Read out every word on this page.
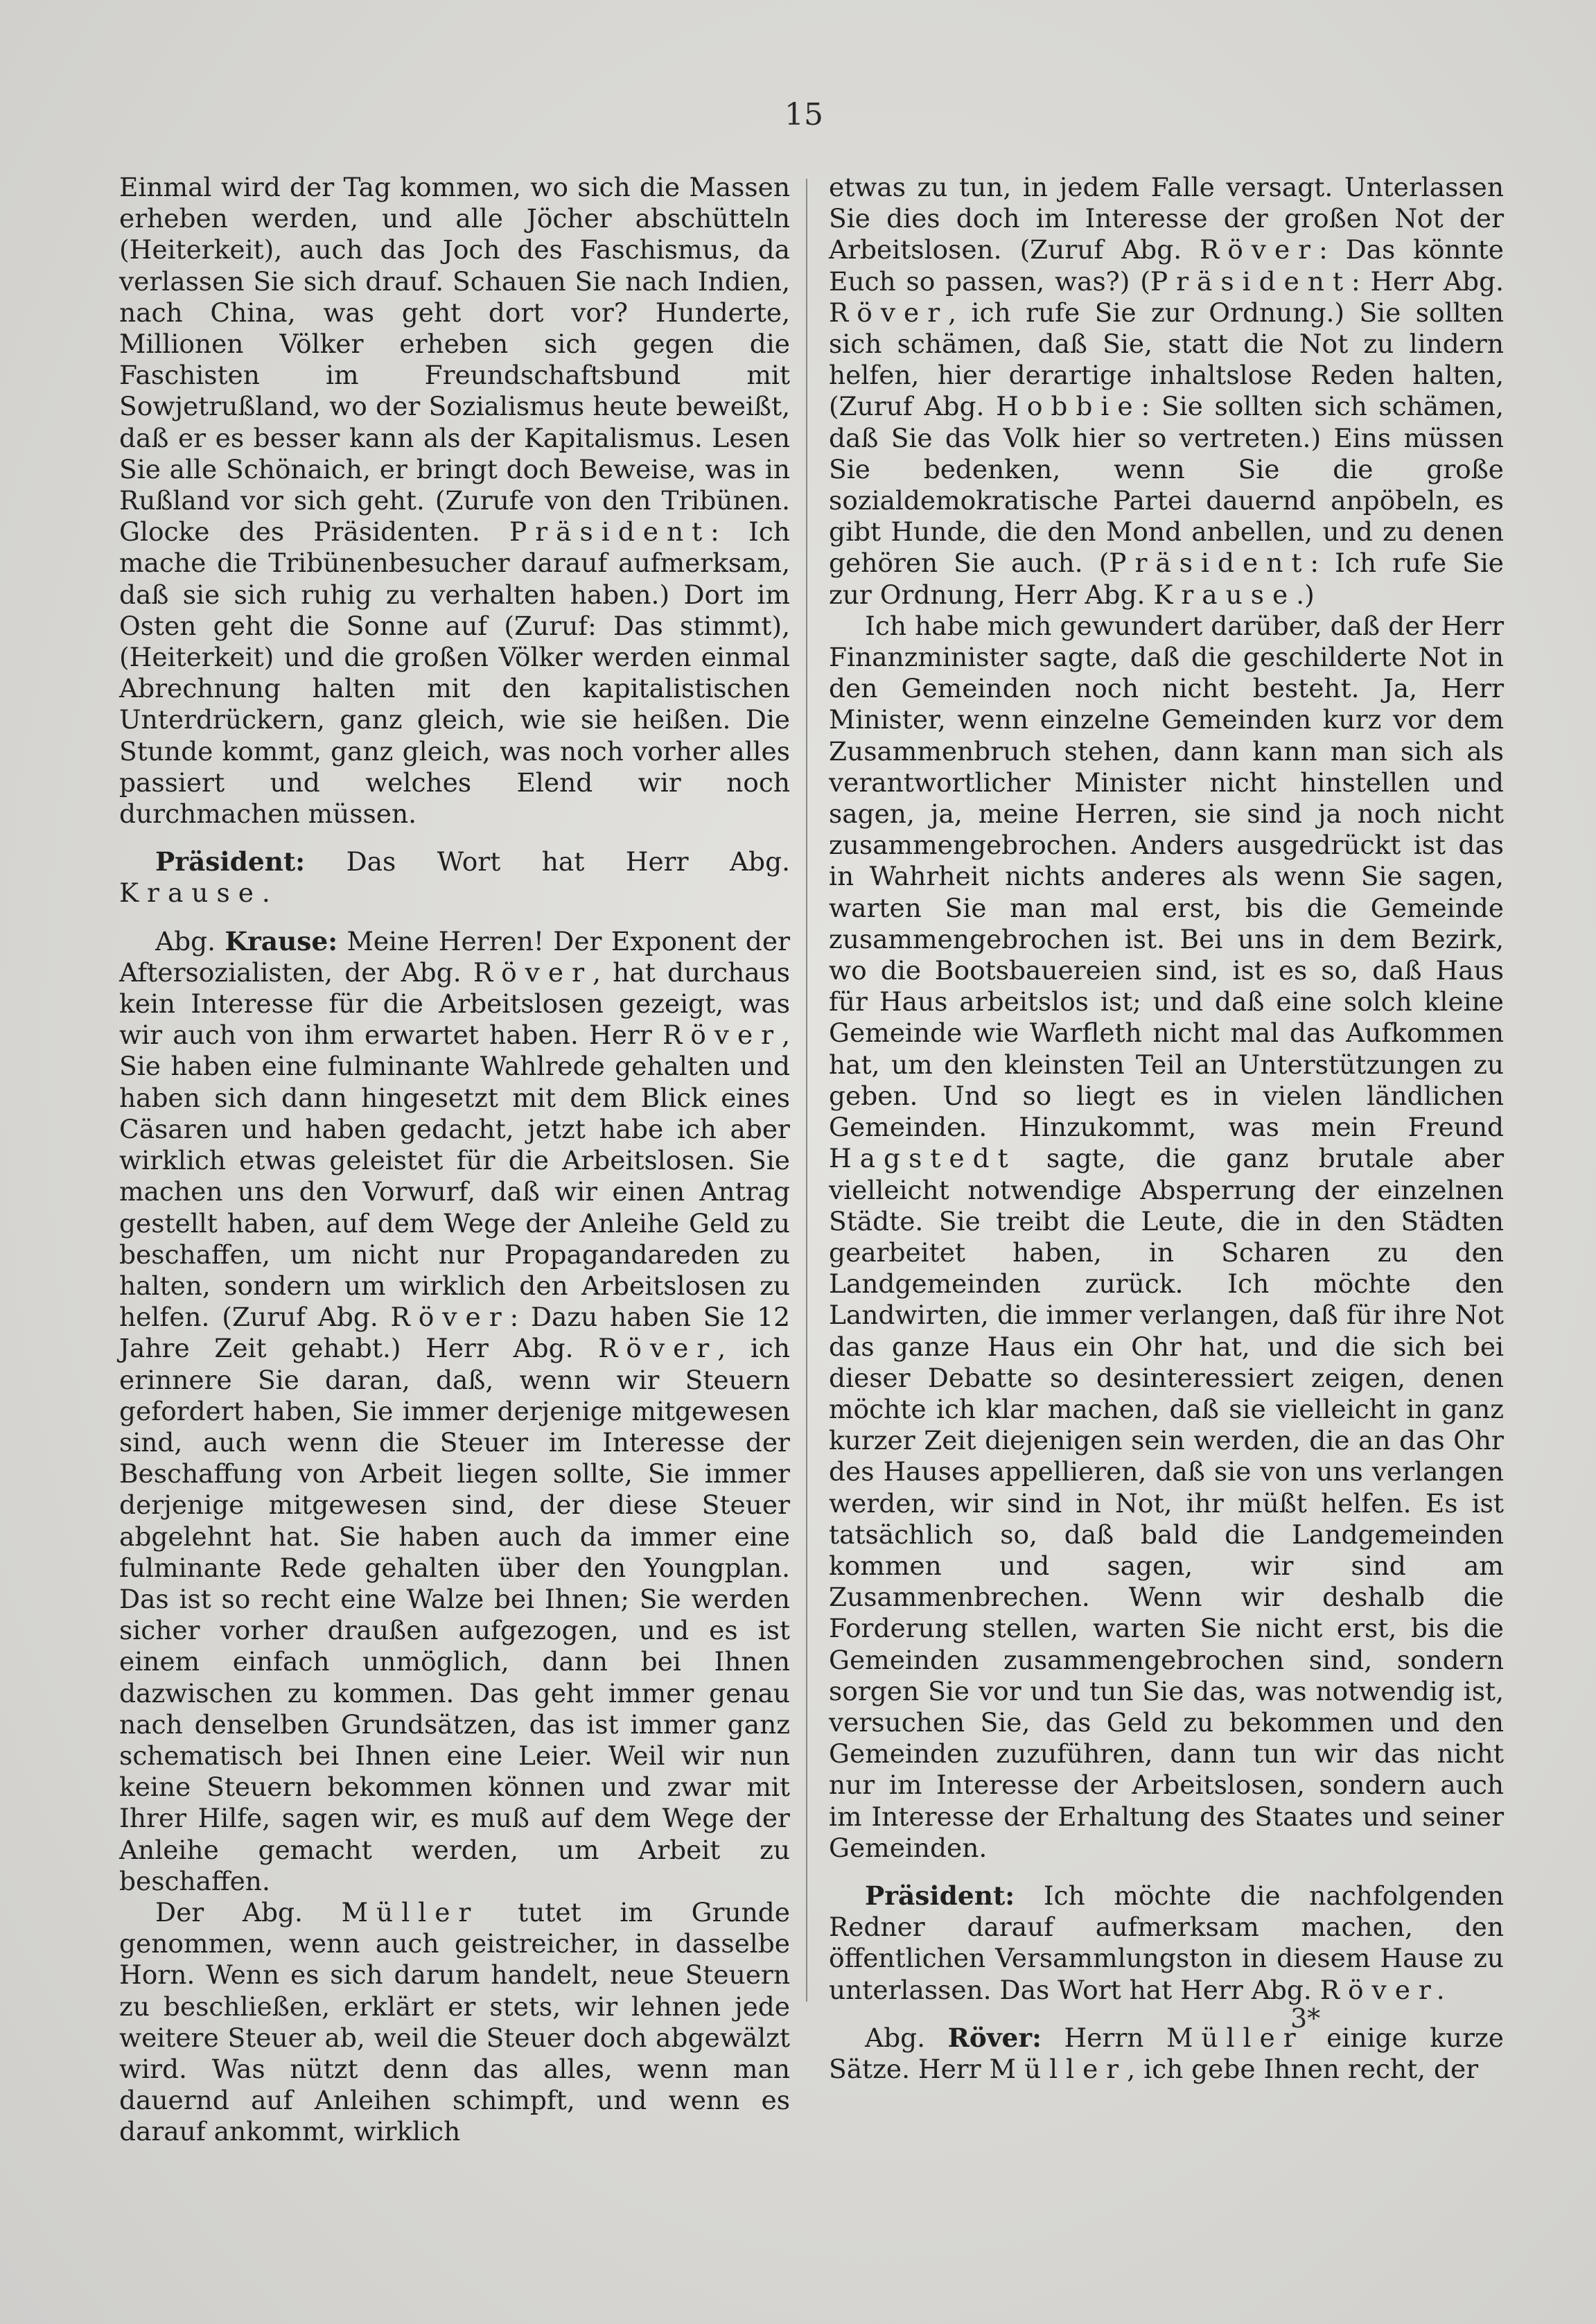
15

Einmal wird der Tag kommen, wo sich die Massen erheben werden, und alle Jöcher abschütteln (Heiterkeit), auch das Joch des Faschismus, da verlassen Sie sich drauf. Schauen Sie nach Indien, nach China, was geht dort vor? Hunderte, Millionen Völker erheben sich gegen die Faschisten im Freundschaftsbund mit Sowjetrußland, wo der Sozialismus heute beweißt, daß er es besser kann als der Kapitalismus. Lesen Sie alle Schönaich, er bringt doch Beweise, was in Rußland vor sich geht. (Zurufe von den Tribünen. Glocke des Präsidenten. Präsident: Ich mache die Tribünenbesucher darauf aufmerksam, daß sie sich ruhig zu verhalten haben.) Dort im Osten geht die Sonne auf (Zuruf: Das stimmt), (Heiterkeit) und die großen Völker werden einmal Abrechnung halten mit den kapitalistischen Unterdrückern, ganz gleich, wie sie heißen. Die Stunde kommt, ganz gleich, was noch vorher alles passiert und welches Elend wir noch durchmachen müssen.

Präsident: Das Wort hat Herr Abg. Krause.

Abg. Krause: Meine Herren! Der Exponent der Aftersozialisten, der Abg. Röver, hat durchaus kein Interesse für die Arbeitslosen gezeigt, was wir auch von ihm erwartet haben. Herr Röver, Sie haben eine fulminante Wahlrede gehalten und haben sich dann hingesetzt mit dem Blick eines Cäsaren und haben gedacht, jetzt habe ich aber wirklich etwas geleistet für die Arbeitslosen. Sie machen uns den Vorwurf, daß wir einen Antrag gestellt haben, auf dem Wege der Anleihe Geld zu beschaffen, um nicht nur Propagandareden zu halten, sondern um wirklich den Arbeitslosen zu helfen. (Zuruf Abg. Röver: Dazu haben Sie 12 Jahre Zeit gehabt.) Herr Abg. Röver, ich erinnere Sie daran, daß, wenn wir Steuern gefordert haben, Sie immer derjenige mitgewesen sind, auch wenn die Steuer im Interesse der Beschaffung von Arbeit liegen sollte, Sie immer derjenige mitgewesen sind, der diese Steuer abgelehnt hat. Sie haben auch da immer eine fulminante Rede gehalten über den Youngplan. Das ist so recht eine Walze bei Ihnen; Sie werden sicher vorher draußen aufgezogen, und es ist einem einfach unmöglich, dann bei Ihnen dazwischen zu kommen. Das geht immer genau nach denselben Grundsätzen, das ist immer ganz schematisch bei Ihnen eine Leier. Weil wir nun keine Steuern bekommen können und zwar mit Ihrer Hilfe, sagen wir, es muß auf dem Wege der Anleihe gemacht werden, um Arbeit zu beschaffen.

Der Abg. Müller tutet im Grunde genommen, wenn auch geistreicher, in dasselbe Horn. Wenn es sich darum handelt, neue Steuern zu beschließen, erklärt er stets, wir lehnen jede weitere Steuer ab, weil die Steuer doch abgewälzt wird. Was nützt denn das alles, wenn man dauernd auf Anleihen schimpft, und wenn es darauf ankommt, wirklich

etwas zu tun, in jedem Falle versagt. Unterlassen Sie dies doch im Interesse der großen Not der Arbeitslosen. (Zuruf Abg. Röver: Das könnte Euch so passen, was?) (Präsident: Herr Abg. Röver, ich rufe Sie zur Ordnung.) Sie sollten sich schämen, daß Sie, statt die Not zu lindern helfen, hier derartige inhaltslose Reden halten, (Zuruf Abg. Hobbie: Sie sollten sich schämen, daß Sie das Volk hier so vertreten.) Eins müssen Sie bedenken, wenn Sie die große sozialdemokratische Partei dauernd anpöbeln, es gibt Hunde, die den Mond anbellen, und zu denen gehören Sie auch. (Präsident: Ich rufe Sie zur Ordnung, Herr Abg. Krause.)

Ich habe mich gewundert darüber, daß der Herr Finanzminister sagte, daß die geschilderte Not in den Gemeinden noch nicht besteht. Ja, Herr Minister, wenn einzelne Gemeinden kurz vor dem Zusammenbruch stehen, dann kann man sich als verantwortlicher Minister nicht hinstellen und sagen, ja, meine Herren, sie sind ja noch nicht zusammengebrochen. Anders ausgedrückt ist das in Wahrheit nichts anderes als wenn Sie sagen, warten Sie man mal erst, bis die Gemeinde zusammengebrochen ist. Bei uns in dem Bezirk, wo die Bootsbauereien sind, ist es so, daß Haus für Haus arbeitslos ist; und daß eine solch kleine Gemeinde wie Warfleth nicht mal das Aufkommen hat, um den kleinsten Teil an Unterstützungen zu geben. Und so liegt es in vielen ländlichen Gemeinden. Hinzukommt, was mein Freund Hagstedt sagte, die ganz brutale aber vielleicht notwendige Absperrung der einzelnen Städte. Sie treibt die Leute, die in den Städten gearbeitet haben, in Scharen zu den Landgemeinden zurück. Ich möchte den Landwirten, die immer verlangen, daß für ihre Not das ganze Haus ein Ohr hat, und die sich bei dieser Debatte so desinteressiert zeigen, denen möchte ich klar machen, daß sie vielleicht in ganz kurzer Zeit diejenigen sein werden, die an das Ohr des Hauses appellieren, daß sie von uns verlangen werden, wir sind in Not, ihr müßt helfen. Es ist tatsächlich so, daß bald die Landgemeinden kommen und sagen, wir sind am Zusammenbrechen. Wenn wir deshalb die Forderung stellen, warten Sie nicht erst, bis die Gemeinden zusammengebrochen sind, sondern sorgen Sie vor und tun Sie das, was notwendig ist, versuchen Sie, das Geld zu bekommen und den Gemeinden zuzuführen, dann tun wir das nicht nur im Interesse der Arbeitslosen, sondern auch im Interesse der Erhaltung des Staates und seiner Gemeinden.

Präsident: Ich möchte die nachfolgenden Redner darauf aufmerksam machen, den öffentlichen Versammlungston in diesem Hause zu unterlassen. Das Wort hat Herr Abg. Röver.

Abg. Röver: Herrn Müller einige kurze Sätze. Herr Müller, ich gebe Ihnen recht, der

3*
